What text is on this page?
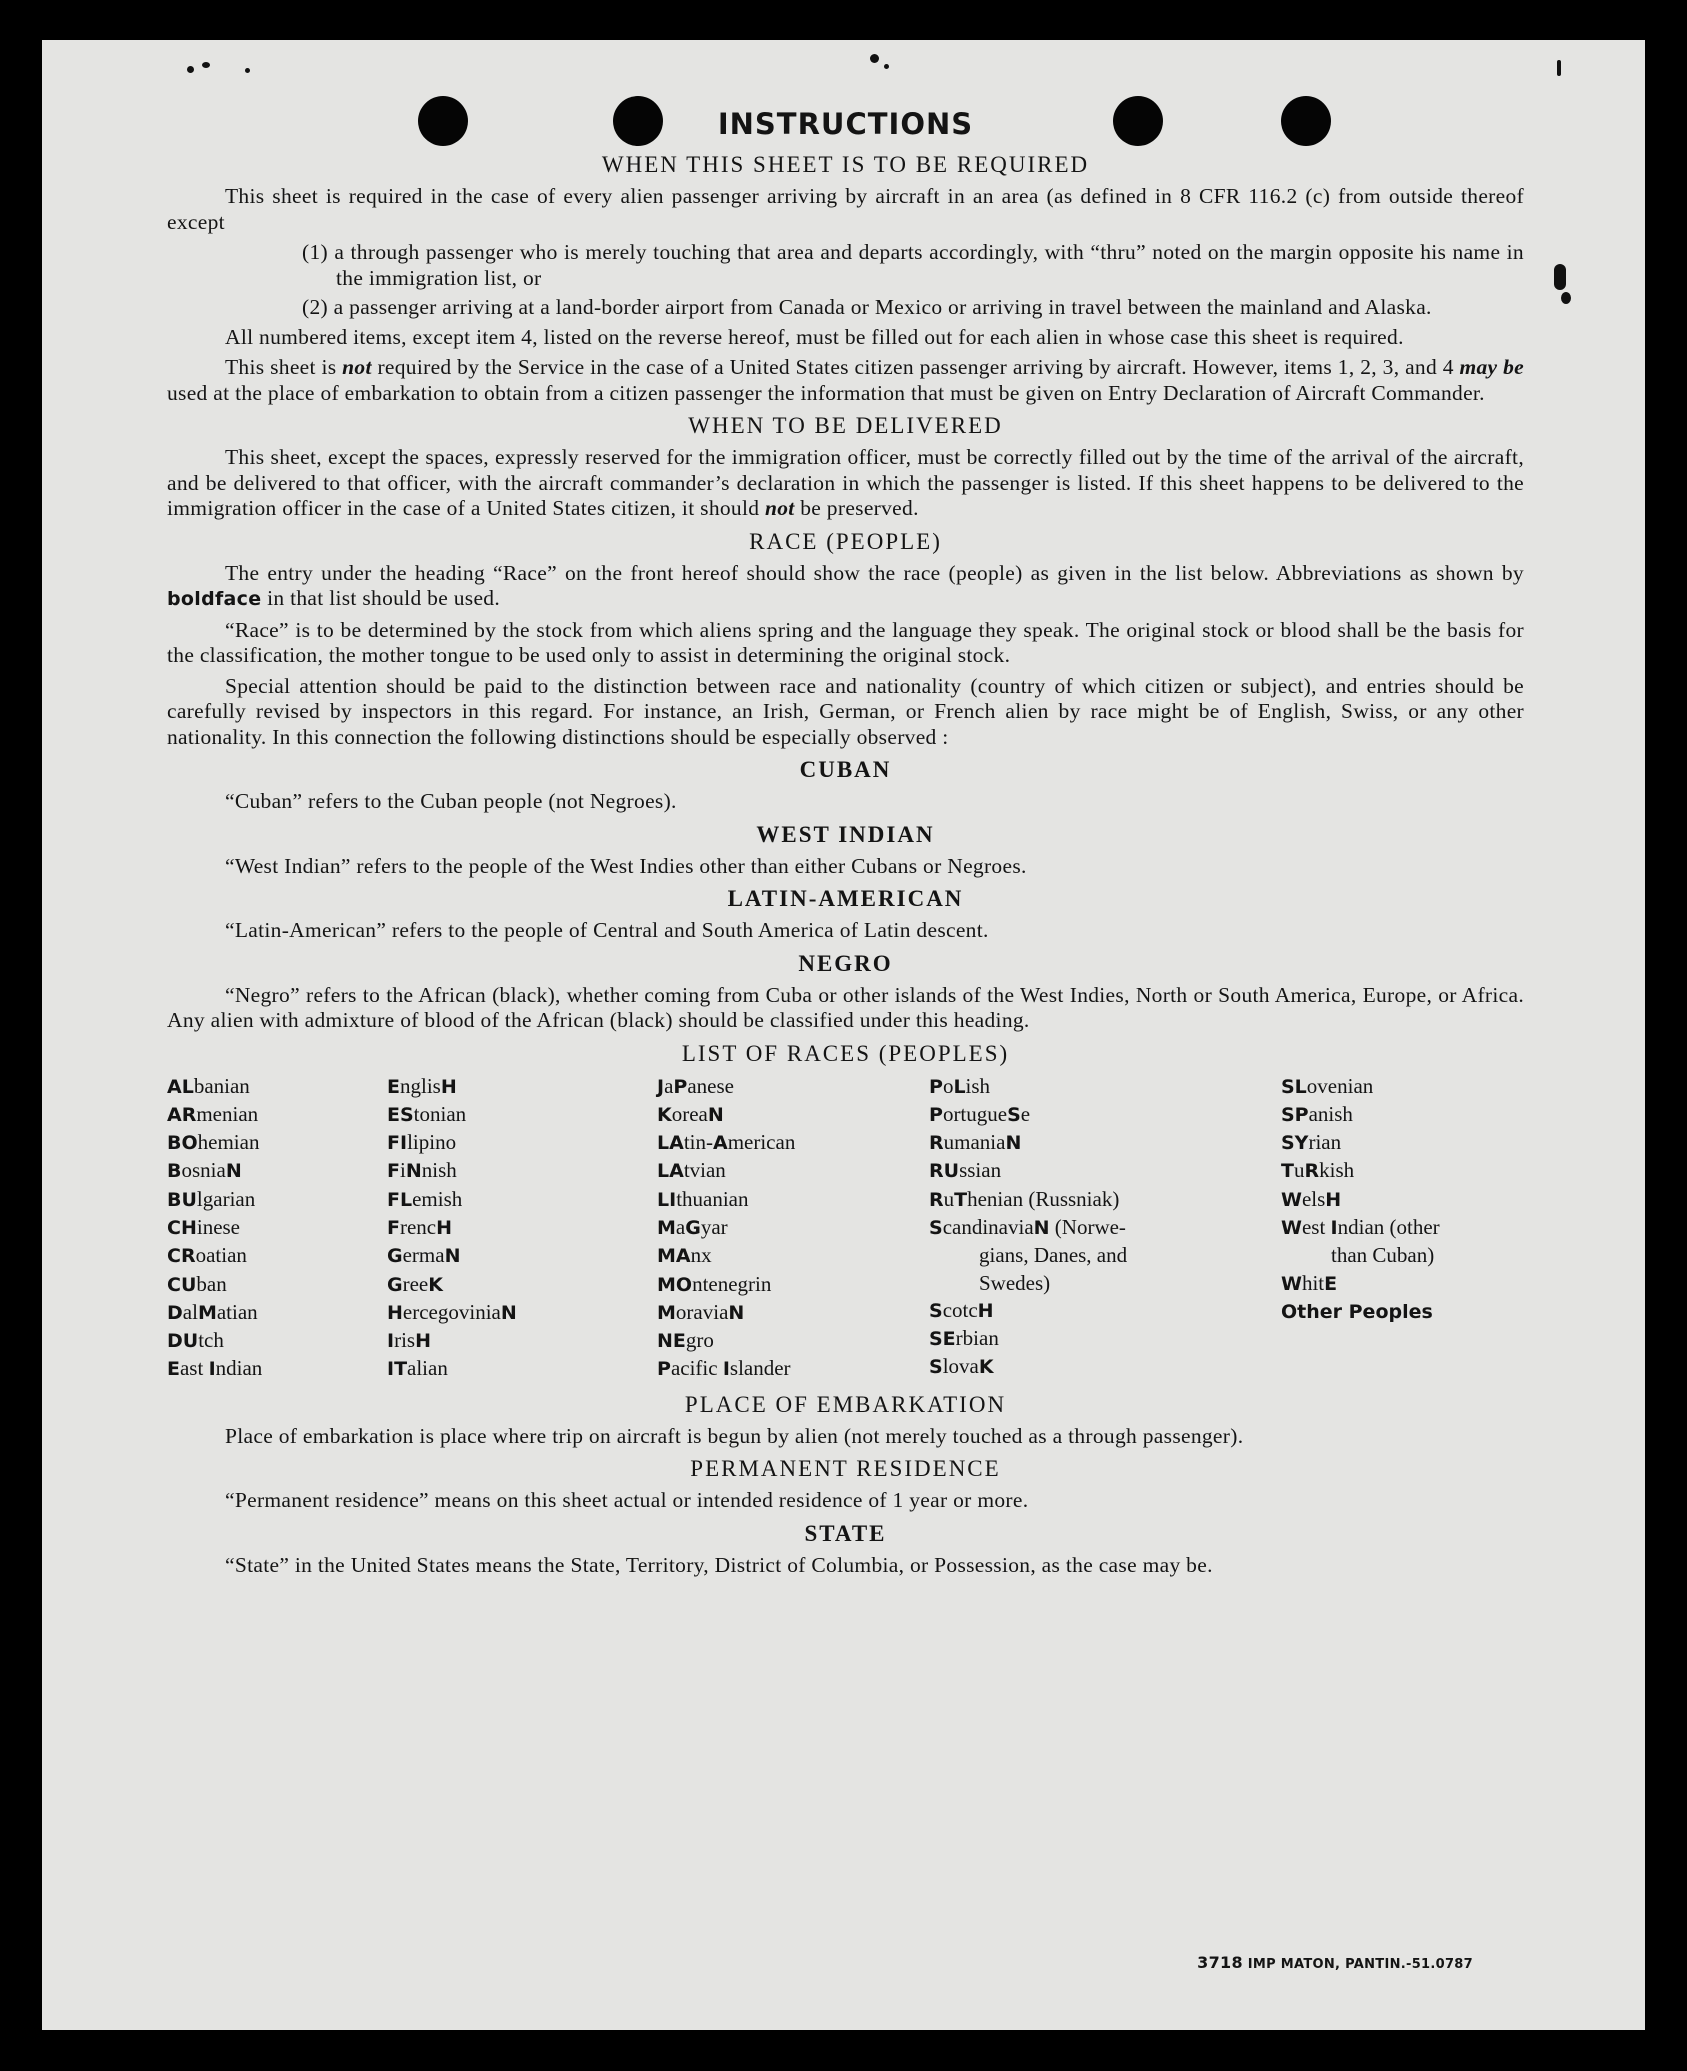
INSTRUCTIONS
WHEN THIS SHEET IS TO BE REQUIRED

This sheet is required in the case of every alien passenger arriving by aircraft in an area (as defined in 8 CFR 116.2 (c) from outside thereof except

(1) a through passenger who is merely touching that area and departs accordingly, with “thru” noted on the margin opposite his name in the immigration list, or
(2) a passenger arriving at a land-border airport from Canada or Mexico or arriving in travel between the mainland and Alaska.

All numbered items, except item 4, listed on the reverse hereof, must be filled out for each alien in whose case this sheet is required.

This sheet is not required by the Service in the case of a United States citizen passenger arriving by aircraft. However, items 1, 2, 3, and 4 may be used at the place of embarkation to obtain from a citizen passenger the information that must be given on Entry Declaration of Aircraft Commander.

WHEN TO BE DELIVERED

This sheet, except the spaces, expressly reserved for the immigration officer, must be correctly filled out by the time of the arrival of the aircraft, and be delivered to that officer, with the aircraft commander’s declaration in which the passenger is listed. If this sheet happens to be delivered to the immigration officer in the case of a United States citizen, it should not be preserved.

RACE (PEOPLE)

The entry under the heading “Race” on the front hereof should show the race (people) as given in the list below. Abbreviations as shown by boldface in that list should be used.

“Race” is to be determined by the stock from which aliens spring and the language they speak. The original stock or blood shall be the basis for the classification, the mother tongue to be used only to assist in determining the original stock.

Special attention should be paid to the distinction between race and nationality (country of which citizen or subject), and entries should be carefully revised by inspectors in this regard. For instance, an Irish, German, or French alien by race might be of English, Swiss, or any other nationality. In this connection the following distinctions should be especially observed :

CUBAN

“Cuban” refers to the Cuban people (not Negroes).

WEST INDIAN

“West Indian” refers to the people of the West Indies other than either Cubans or Negroes.

LATIN-AMERICAN

“Latin-American” refers to the people of Central and South America of Latin descent.

NEGRO

“Negro” refers to the African (black), whether coming from Cuba or other islands of the West Indies, North or South America, Europe, or Africa. Any alien with admixture of blood of the African (black) should be classified under this heading.

LIST OF RACES (PEOPLES)
ALbanian
ARmenian
BOhemian
BosniaN
BUlgarian
CHinese
CRoatian
CUban
DalMatian
DUtch
East Indian
EnglisH
EStonian
FIlipino
FiNnish
FLemish
FrencH
GermaN
GreeK
HercegoviniaN
IrisH
ITalian
JaPanese
KoreaN
LAtin-American
LAtvian
LIthuanian
MaGyar
MAnx
MOntenegrin
MoraviaN
NEgro
Pacific Islander
PoLish
PortugueSe
RumaniaN
RUssian
RuThenian (Russniak)
ScandinaviaN (Norwe-
gians, Danes, and
Swedes)
ScotcH
SErbian
SlovaK
SLovenian
SPanish
SYrian
TuRkish
WelsH
West Indian (other
than Cuban)
WhitE
Other Peoples
PLACE OF EMBARKATION

Place of embarkation is place where trip on aircraft is begun by alien (not merely touched as a through passenger).

PERMANENT RESIDENCE

“Permanent residence” means on this sheet actual or intended residence of 1 year or more.

STATE

“State” in the United States means the State, Territory, District of Columbia, or Possession, as the case may be.

3718 IMP MATON, PANTIN.-51.0787
